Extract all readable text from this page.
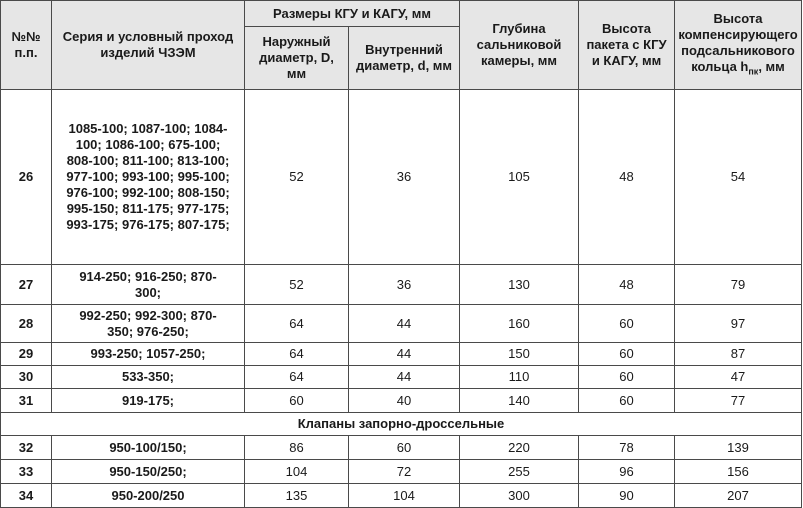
№№ п.п.	Серия и условный проход изделий ЧЗЭМ	Размеры КГУ и КАГУ, мм		Глубина сальниковой камеры, мм	Высота пакета с КГУ и КАГУ, мм	Высота компенсирующего подсальникового кольца $h_{пк}$, мм
		Наружный диаметр, D, мм	Внутренний диаметр, d, мм			
26	1085-100; 1087-100; 1084-100; 1086-100; 675-100; 808-100; 811-100; 813-100; 977-100; 993-100; 995-100; 976-100; 992-100; 808-150; 995-150; 811-175; 977-175; 993-175; 976-175; 807-175;	52	36	105	48	54
27	914-250; 916-250; 870-300;	52	36	130	48	79
28	992-250; 992-300; 870-350; 976-250;	64	44	160	60	97
29	993-250; 1057-250;	64	44	150	60	87
30	533-350;	64	44	110	60	47
31	919-175;	60	40	140	60	77
Клапаны запорно-дроссельные						
32	950-100/150;	86	60	220	78	139
33	950-150/250;	104	72	255	96	156
34	950-200/250	135	104	300	90	207
